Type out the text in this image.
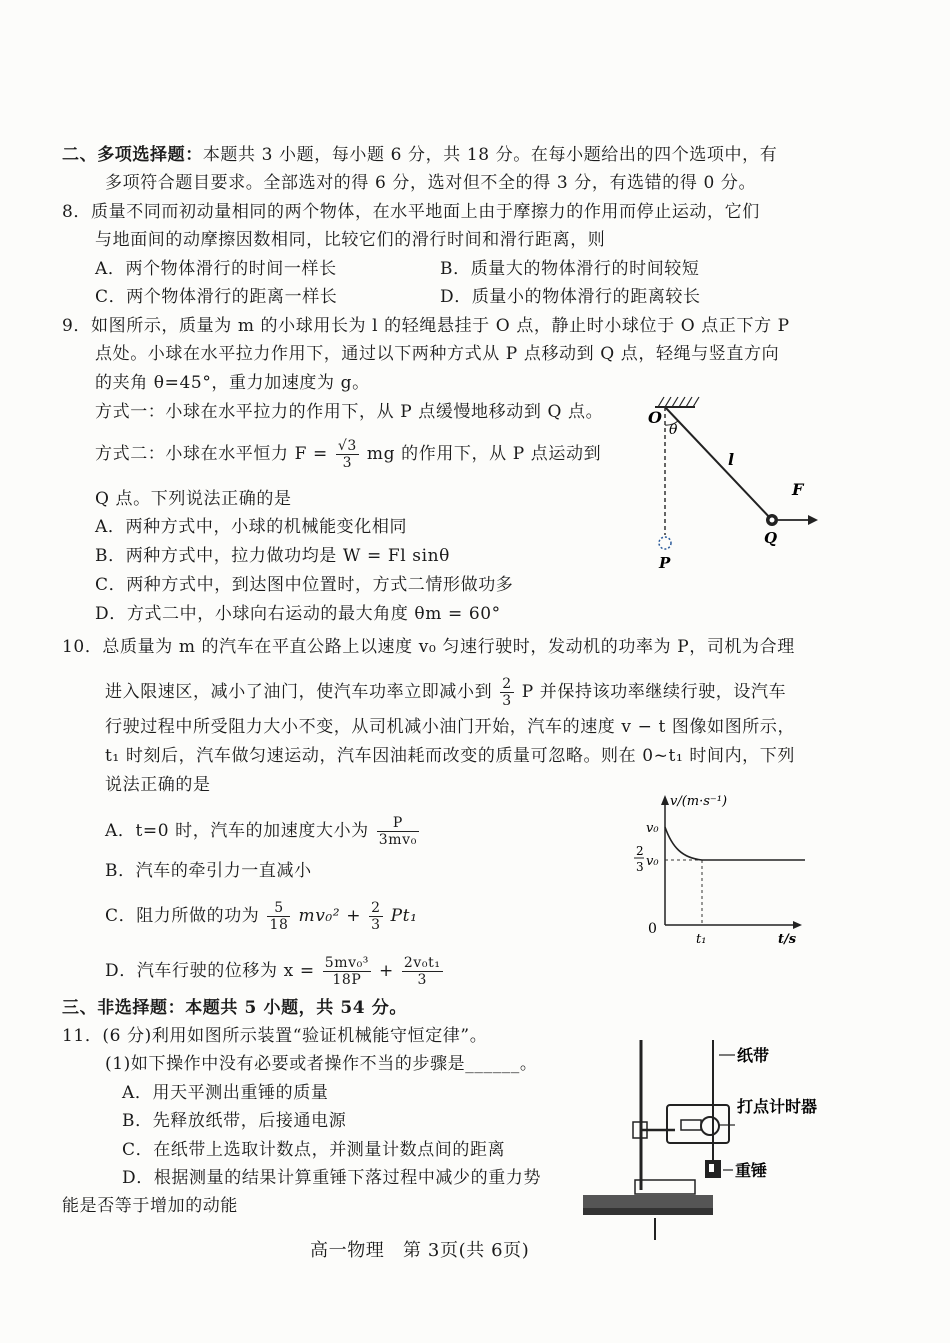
二、多项选择题：本题共 3 小题，每小题 6 分，共 18 分。在每小题给出的四个选项中，有
多项符合题目要求。全部选对的得 6 分，选对但不全的得 3 分，有选错的得 0 分。
8．质量不同而初动量相同的两个物体，在水平地面上由于摩擦力的作用而停止运动，它们
与地面间的动摩擦因数相同，比较它们的滑行时间和滑行距离，则
A．两个物体滑行的时间一样长	B．质量大的物体滑行的时间较短
C．两个物体滑行的距离一样长	D．质量小的物体滑行的距离较长
9．如图所示，质量为 m 的小球用长为 l 的轻绳悬挂于 O 点，静止时小球位于 O 点正下方 P
点处。小球在水平拉力作用下，通过以下两种方式从 P 点移动到 Q 点，轻绳与竖直方向
的夹角 θ=45°，重力加速度为 g。
方式一：小球在水平拉力的作用下，从 P 点缓慢地移动到 Q 点。
方式二：小球在水平恒力 $F = \frac{√3}{3}$ mg 的作用下，从 P 点运动到
Q 点。下列说法正确的是
A．两种方式中，小球的机械能变化相同
B．两种方式中，拉力做功均是 W = Fl sinθ
C．两种方式中，到达图中位置时，方式二情形做功多
D．方式二中，小球向右运动的最大角度 θm = 60°
O
θ
l
F
Q
P
10．总质量为 m 的汽车在平直公路上以速度 v₀ 匀速行驶时，发动机的功率为 P，司机为合理
进入限速区，减小了油门，使汽车功率立即减小到 $\frac{2}{3}$ P 并保持该功率继续行驶，设汽车
行驶过程中所受阻力大小不变，从司机减小油门开始，汽车的速度 v − t 图像如图所示，
t₁ 时刻后，汽车做匀速运动，汽车因油耗而改变的质量可忽略。则在 0~t₁ 时间内，下列
说法正确的是
A．t=0 时，汽车的加速度大小为 $\frac{P}{\text{3mv₀}}$
B．汽车的牵引力一直减小
C．阻力所做的功为 $\frac{5}{18} mv_0^2 + \frac{2}{3} Pt_1$
D．汽车行驶的位移为 $x = \frac{\text{5mv₀³}}{18P} + \frac{\text{2v₀t₁}}{3}$
v/(m·s⁻¹)
v₀
2
3 v₀
0
t₁	t/s
三、非选择题：本题共 5 小题，共 54 分。
11．(6 分)利用如图所示装置“验证机械能守恒定律”。
(1)如下操作中没有必要或者操作不当的步骤是______。
A．用天平测出重锤的质量
B．先释放纸带，后接通电源
C．在纸带上选取计数点，并测量计数点间的距离
D．根据测量的结果计算重锤下落过程中减少的重力势
能是否等于增加的动能
纸带
打点计时器
重锤
高一物理　第 3页(共 6页)
